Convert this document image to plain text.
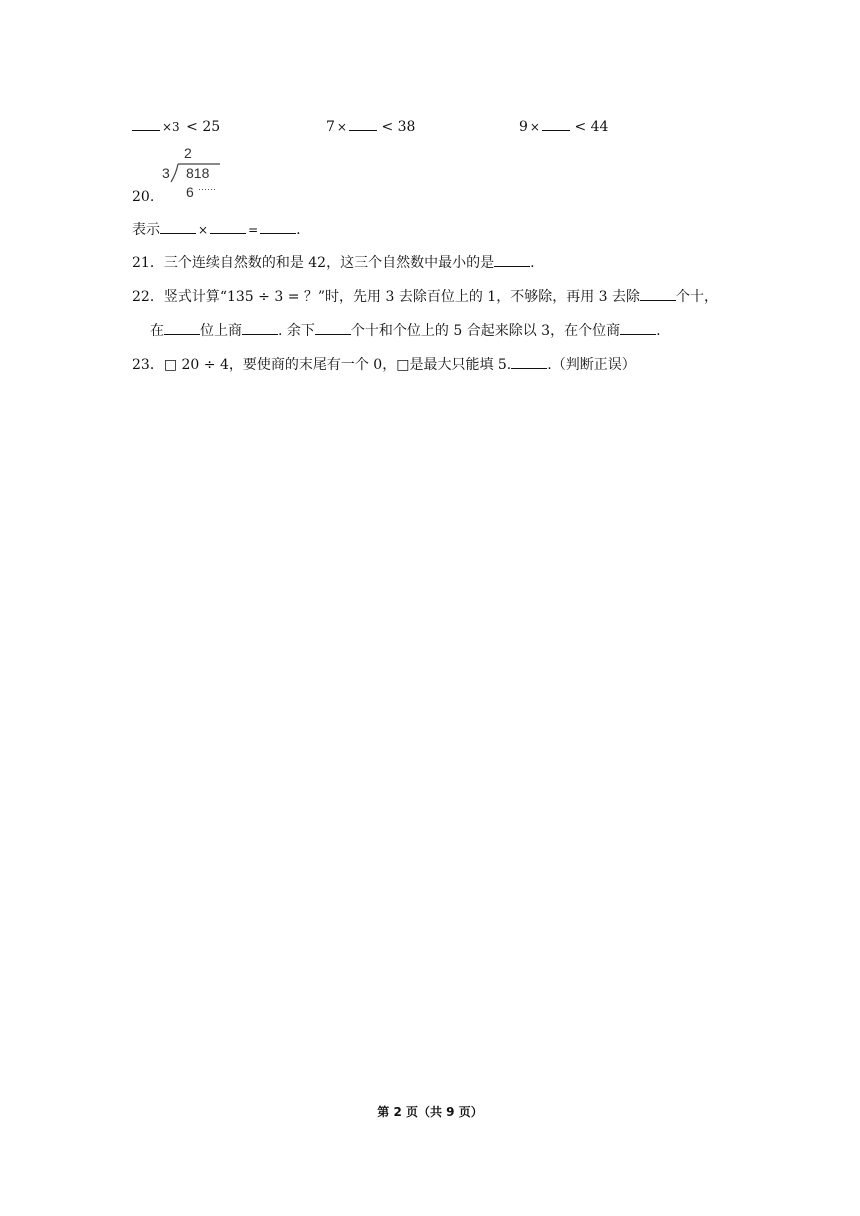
×3 < 25	7 × < 38	9 × < 44
2
3 818
6 ······
20.
表示	×	=	.
21．三个连续自然数的和是 42，这三个自然数中最小的是	.
22．竖式计算“135 ÷ 3 = ？”时，先用 3 去除百位上的 1，不够除，再用 3 去除	个十，
在	位上商	. 余下	个十和个位上的 5 合起来除以 3，在个位商	.
23．□ 20 ÷ 4，要使商的末尾有一个 0，□是最大只能填 5.	.（判断正误）
第 2 页（共 9 页）
